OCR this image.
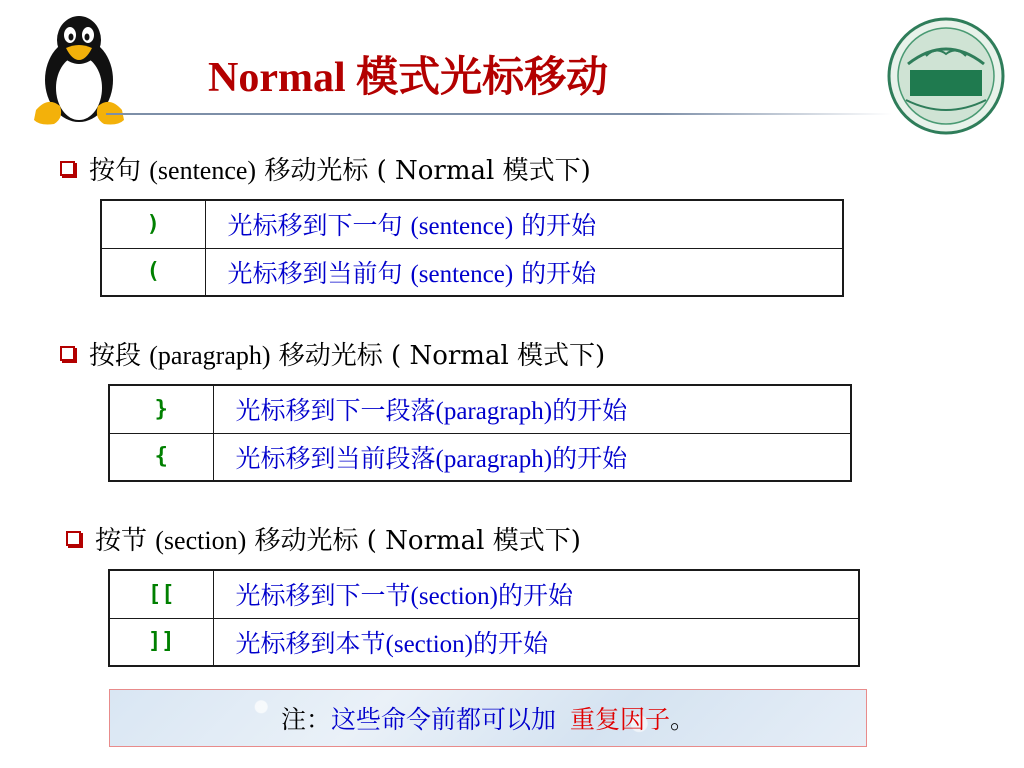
Normal 模式光标移动
按句 (sentence) 移动光标 ( Normal 模式下)
)	光标移到下一句 (sentence) 的开始
(	光标移到当前句 (sentence) 的开始
按段 (paragraph) 移动光标 ( Normal 模式下)
}	光标移到下一段落(paragraph)的开始
{	光标移到当前段落(paragraph)的开始
按节 (section) 移动光标 ( Normal 模式下)
[[	光标移到下一节(section)的开始
]]	光标移到本节(section)的开始
注： 这些命令前都可以加 重复因子 。
